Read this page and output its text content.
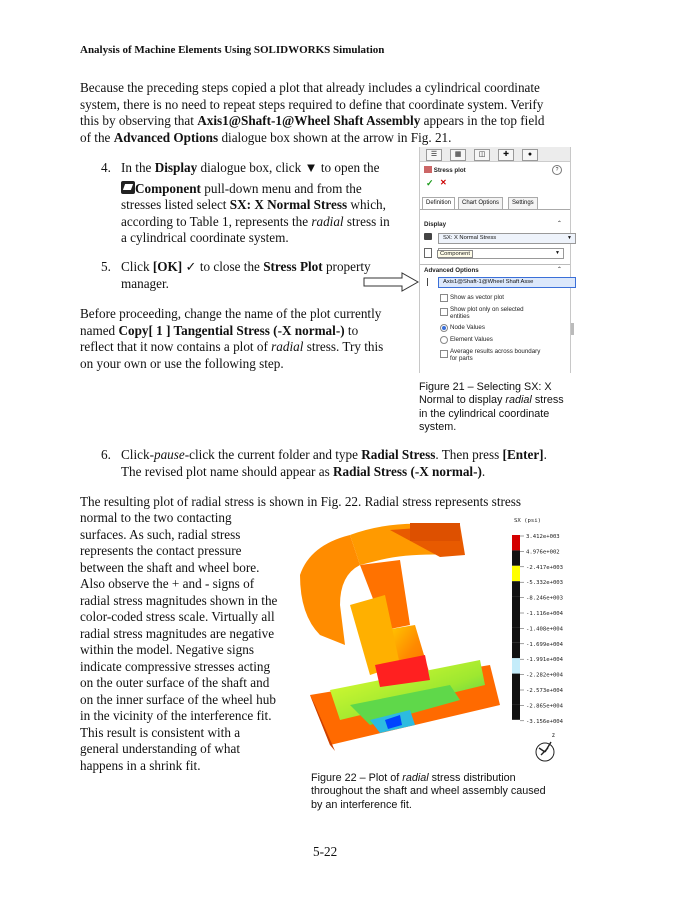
Analysis of Machine Elements Using SOLIDWORKS Simulation
Because the preceding steps copied a plot that already includes a cylindrical coordinate
system, there is no need to repeat steps required to define that coordinate system. Verify
this by observing that Axis1@Shaft-1@Wheel Shaft Assembly appears in the top field
of the Advanced Options dialogue box shown at the arrow in Fig. 21.
4. In the Display dialogue box, click ▼ to open the
Component pull-down menu and from the
stresses listed select SX: X Normal Stress which,
according to Table 1, represents the radial stress in
a cylindrical coordinate system.
5. Click [OK] ✓ to close the Stress Plot property
manager.
Before proceeding, change the name of the plot currently
named Copy[ 1 ] Tangential Stress (-X normal-) to
reflect that it now contains a plot of radial stress. Try this
on your own or use the following step.
☰	▦	◫	✚	●
Stress plot	?
✓ ✕
Definition	Chart Options	Settings
Display	⌃
SX: X Normal Stress	▼
▼
Component
Advanced Options	⌃
Axis1@Shaft-1@Wheel Shaft Asse
Show as vector plot
Show plot only on selected
entities
Node Values
Element Values
Average results across boundary
for parts
Figure 21 – Selecting SX: X
Normal to display radial stress
in the cylindrical coordinate
system.
6. Click-pause-click the current folder and type Radial Stress. Then press [Enter].
The revised plot name should appear as Radial Stress (-X normal-).
The resulting plot of radial stress is shown in Fig. 22. Radial stress represents stress
normal to the two contacting
surfaces. As such, radial stress
represents the contact pressure
between the shaft and wheel bore.
Also observe the + and - signs of
radial stress magnitudes shown in the
color-coded stress scale. Virtually all
radial stress magnitudes are negative
within the model. Negative signs
indicate compressive stresses acting
on the outer surface of the shaft and
on the inner surface of the wheel hub
in the vicinity of the interference fit.
This result is consistent with a
general understanding of what
happens in a shrink fit.
SX (psi)
3.412e+003
4.976e+002
-2.417e+003
-5.332e+003
-8.246e+003
-1.116e+004
-1.408e+004
-1.699e+004
-1.991e+004
-2.282e+004
-2.573e+004
-2.865e+004
-3.156e+004
z
Figure 22 – Plot of radial stress distribution
throughout the shaft and wheel assembly caused
by an interference fit.
5-22
